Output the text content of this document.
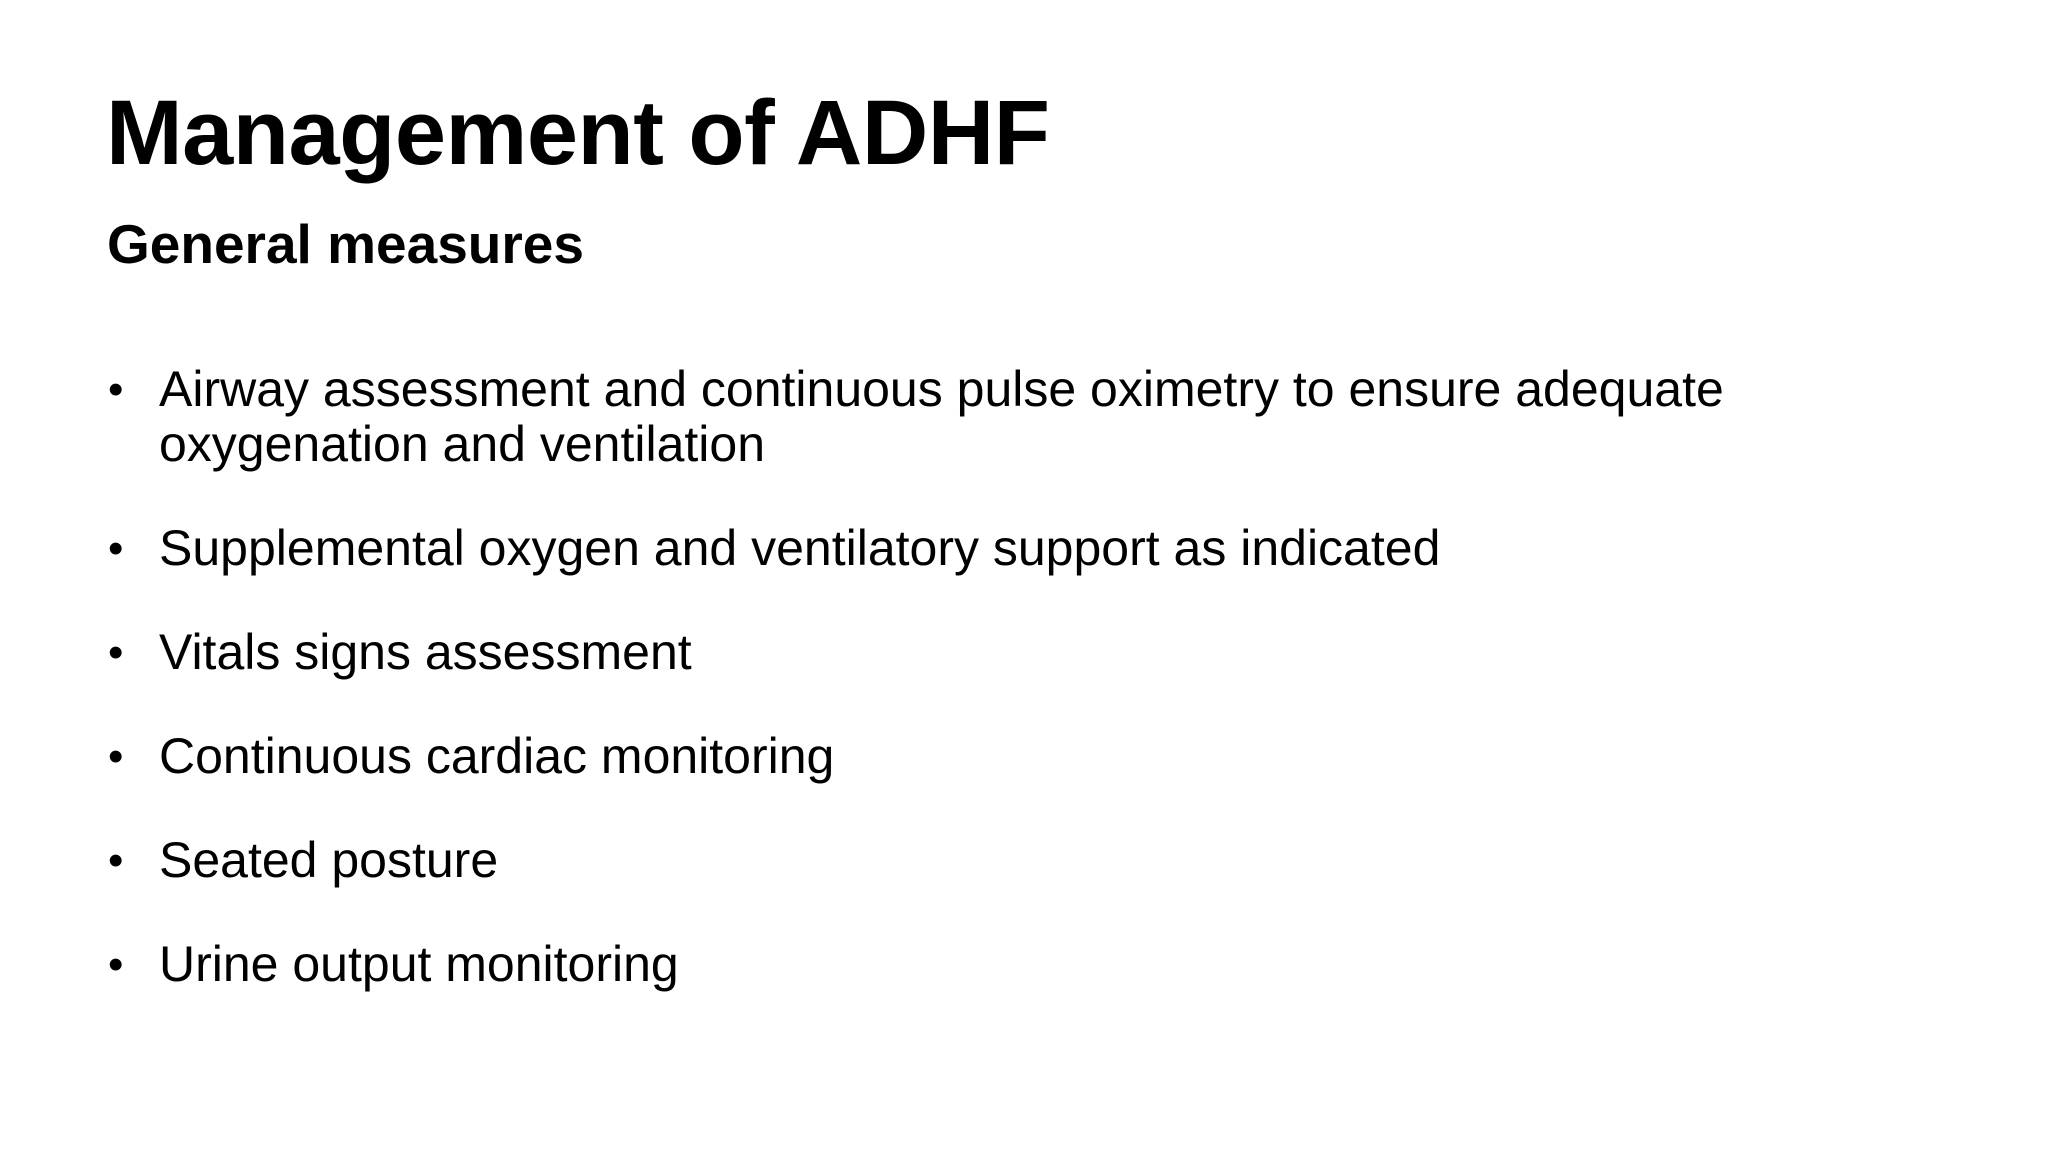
Management of ADHF
General measures
• Airway assessment and continuous pulse oximetry to ensure adequate oxygenation and ventilation
• Supplemental oxygen and ventilatory support as indicated
• Vitals signs assessment
• Continuous cardiac monitoring
• Seated posture
• Urine output monitoring
